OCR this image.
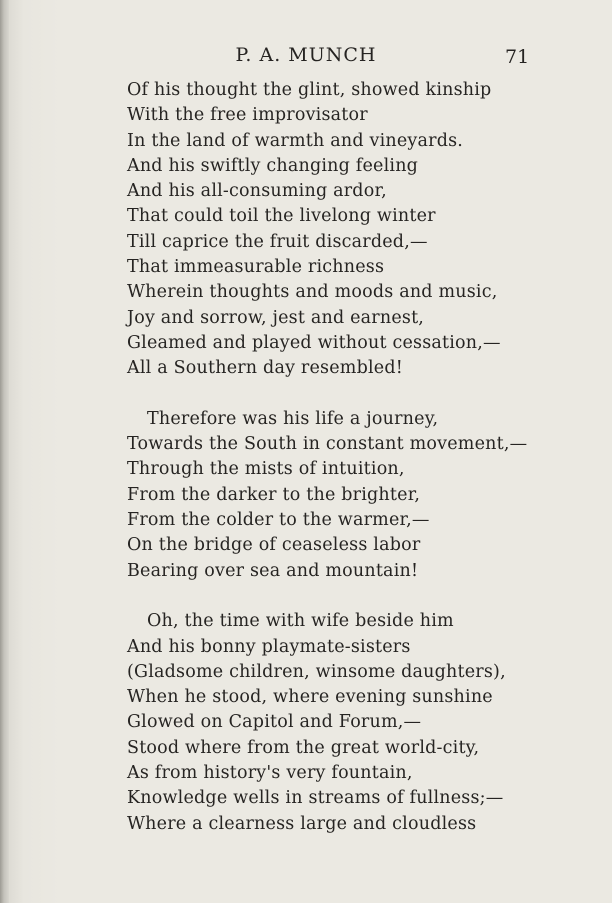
P. A. MUNCH	71
Of his thought the glint, showed kinship
With the free improvisator
In the land of warmth and vineyards.
And his swiftly changing feeling
And his all-consuming ardor,
That could toil the livelong winter
Till caprice the fruit discarded,—
That immeasurable richness
Wherein thoughts and moods and music,
Joy and sorrow, jest and earnest,
Gleamed and played without cessation,—
All a Southern day resembled!
Therefore was his life a journey,
Towards the South in constant movement,—
Through the mists of intuition,
From the darker to the brighter,
From the colder to the warmer,—
On the bridge of ceaseless labor
Bearing over sea and mountain!
Oh, the time with wife beside him
And his bonny playmate-sisters
(Gladsome children, winsome daughters),
When he stood, where evening sunshine
Glowed on Capitol and Forum,—
Stood where from the great world-city,
As from history's very fountain,
Knowledge wells in streams of fullness;—
Where a clearness large and cloudless
